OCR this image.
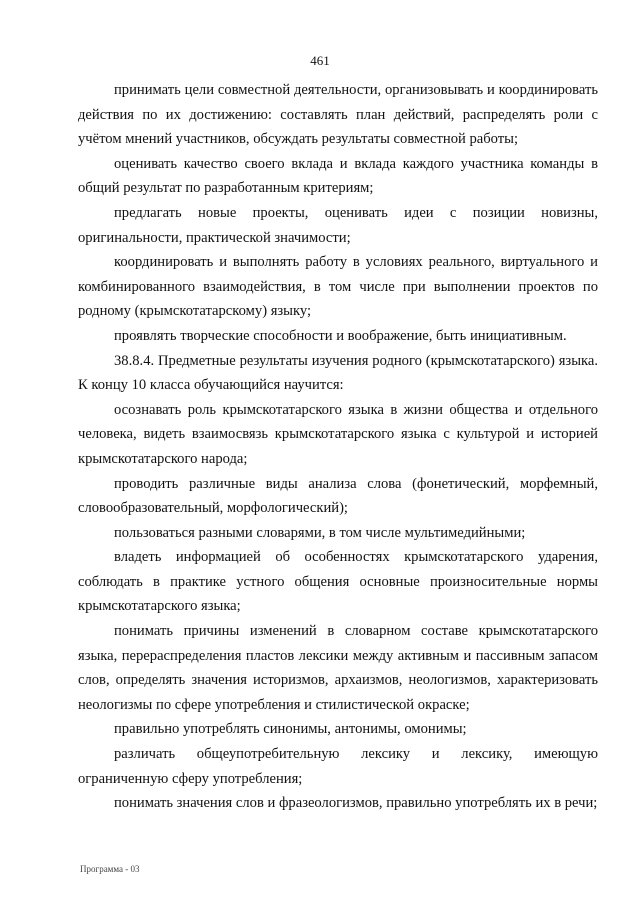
461

принимать цели совместной деятельности, организовывать и координировать действия по их достижению: составлять план действий, распределять роли с учётом мнений участников, обсуждать результаты совместной работы;

оценивать качество своего вклада и вклада каждого участника команды в общий результат по разработанным критериям;

предлагать новые проекты, оценивать идеи с позиции новизны, оригинальности, практической значимости;

координировать и выполнять работу в условиях реального, виртуального и комбинированного взаимодействия, в том числе при выполнении проектов по родному (крымскотатарскому) языку;

проявлять творческие способности и воображение, быть инициативным.

38.8.4. Предметные результаты изучения родного (крымскотатарского) языка. К концу 10 класса обучающийся научится:

осознавать роль крымскотатарского языка в жизни общества и отдельного человека, видеть взаимосвязь крымскотатарского языка с культурой и историей крымскотатарского народа;

проводить различные виды анализа слова (фонетический, морфемный, словообразовательный, морфологический);

пользоваться разными словарями, в том числе мультимедийными;

владеть информацией об особенностях крымскотатарского ударения, соблюдать в практике устного общения основные произносительные нормы крымскотатарского языка;

понимать причины изменений в словарном составе крымскотатарского языка, перераспределения пластов лексики между активным и пассивным запасом слов, определять значения историзмов, архаизмов, неологизмов, характеризовать неологизмы по сфере употребления и стилистической окраске;

правильно употреблять синонимы, антонимы, омонимы;

различать общеупотребительную лексику и лексику, имеющую ограниченную сферу употребления;

понимать значения слов и фразеологизмов, правильно употреблять их в речи;

Программа - 03
